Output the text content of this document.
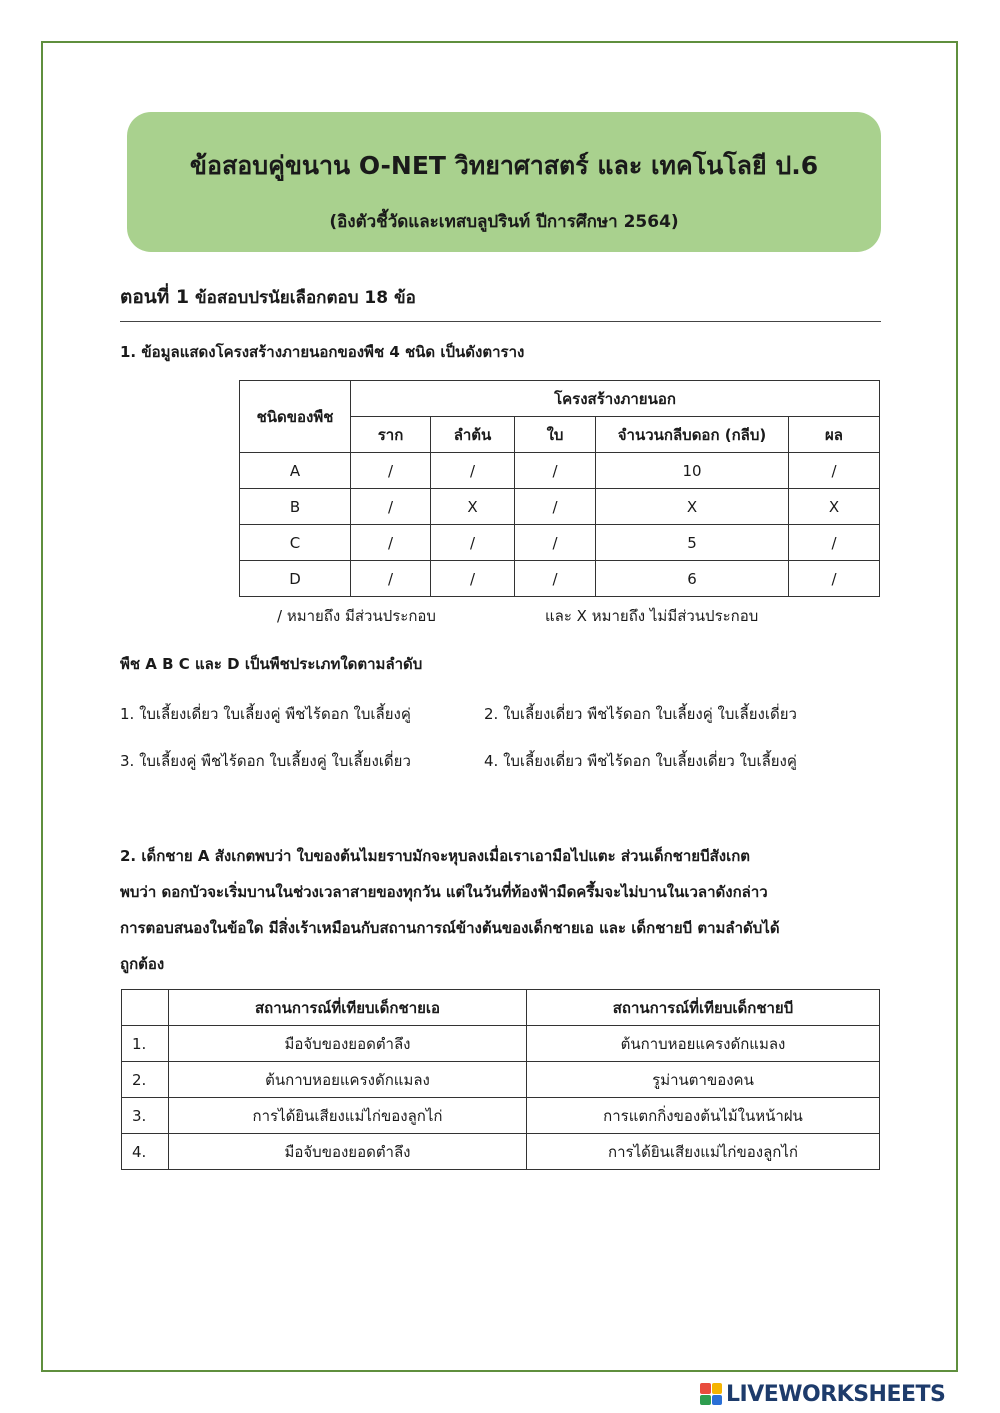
ข้อสอบคู่ขนาน O-NET วิทยาศาสตร์ และ เทคโนโลยี ป.6
(อิงตัวชี้วัดและเทสบลูปรินท์ ปีการศึกษา 2564)
ตอนที่ 1 ข้อสอบปรนัยเลือกตอบ 18 ข้อ
1. ข้อมูลแสดงโครงสร้างภายนอกของพืช 4 ชนิด เป็นดังตาราง
ชนิดของพืช	โครงสร้างภายนอก				
	ราก	ลำต้น	ใบ	จำนวนกลีบดอก (กลีบ)	ผล
A	/	/	/	10	/
B	/	X	/	X	X
C	/	/	/	5	/
D	/	/	/	6	/
/ หมายถึง มีส่วนประกอบ	และ X หมายถึง ไม่มีส่วนประกอบ
พืช A B C และ D เป็นพืชประเภทใดตามลำดับ
1. ใบเลี้ยงเดี่ยว ใบเลี้ยงคู่ พืชไร้ดอก ใบเลี้ยงคู่	2. ใบเลี้ยงเดี่ยว พืชไร้ดอก ใบเลี้ยงคู่ ใบเลี้ยงเดี่ยว
3. ใบเลี้ยงคู่ พืชไร้ดอก ใบเลี้ยงคู่ ใบเลี้ยงเดี่ยว	4. ใบเลี้ยงเดี่ยว พืชไร้ดอก ใบเลี้ยงเดี่ยว ใบเลี้ยงคู่
2. เด็กชาย A สังเกตพบว่า ใบของต้นไมยราบมักจะหุบลงเมื่อเราเอามือไปแตะ ส่วนเด็กชายบีสังเกต
พบว่า ดอกบัวจะเริ่มบานในช่วงเวลาสายของทุกวัน แต่ในวันที่ท้องฟ้ามืดครึ้มจะไม่บานในเวลาดังกล่าว
การตอบสนองในข้อใด มีสิ่งเร้าเหมือนกับสถานการณ์ข้างต้นของเด็กชายเอ และ เด็กชายบี ตามลำดับได้
ถูกต้อง
	สถานการณ์ที่เทียบเด็กชายเอ	สถานการณ์ที่เทียบเด็กชายบี
1.	มือจับของยอดตำลึง	ต้นกาบหอยแครงดักแมลง
2.	ต้นกาบหอยแครงดักแมลง	รูม่านตาของคน
3.	การได้ยินเสียงแม่ไก่ของลูกไก่	การแตกกิ่งของต้นไม้ในหน้าฝน
4.	มือจับของยอดตำลึง	การได้ยินเสียงแม่ไก่ของลูกไก่
LIVEWORKSHEETS
